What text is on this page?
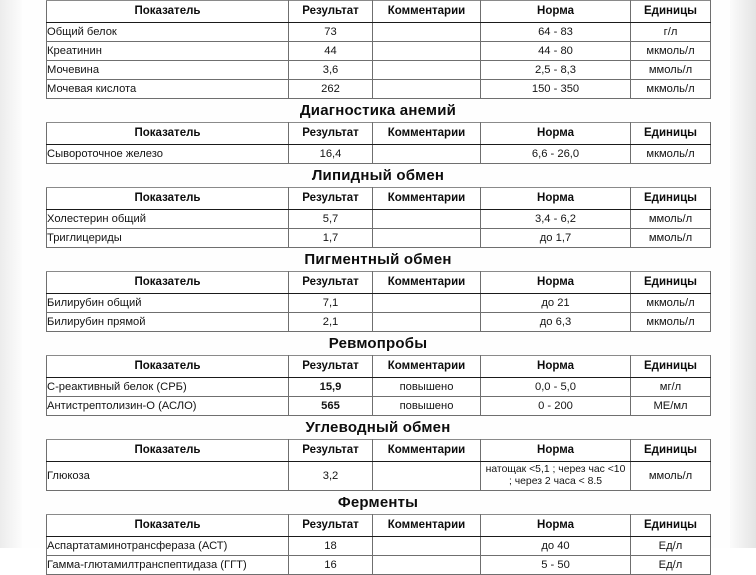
Показатель	Результат	Комментарии	Норма	Единицы
Общий белок	73		64 - 83	г/л
Креатинин	44		44 - 80	мкмоль/л
Мочевина	3,6		2,5 - 8,3	ммоль/л
Мочевая кислота	262		150 - 350	мкмоль/л
Диагностика анемий
Показатель	Результат	Комментарии	Норма	Единицы
Сывороточное железо	16,4		6,6 - 26,0	мкмоль/л
Липидный обмен
Показатель	Результат	Комментарии	Норма	Единицы
Холестерин общий	5,7		3,4 - 6,2	ммоль/л
Триглицериды	1,7		до 1,7	ммоль/л
Пигментный обмен
Показатель	Результат	Комментарии	Норма	Единицы
Билирубин общий	7,1		до 21	мкмоль/л
Билирубин прямой	2,1		до 6,3	мкмоль/л
Ревмопробы
Показатель	Результат	Комментарии	Норма	Единицы
С-реактивный белок (СРБ)	15,9	повышено	0,0 - 5,0	мг/л
Антистрептолизин-О (АСЛО)	565	повышено	0 - 200	МЕ/мл
Углеводный обмен
Показатель	Результат	Комментарии	Норма	Единицы
Глюкоза	3,2		натощак <5,1 ; через час <10 ; через 2 часа < 8.5	ммоль/л
Ферменты
Показатель	Результат	Комментарии	Норма	Единицы
Аспартатаминотрансфераза (АСТ)	18		до 40	Ед/л
Гамма-глютамилтранспептидаза (ГГТ)	16		5 - 50	Ед/л
